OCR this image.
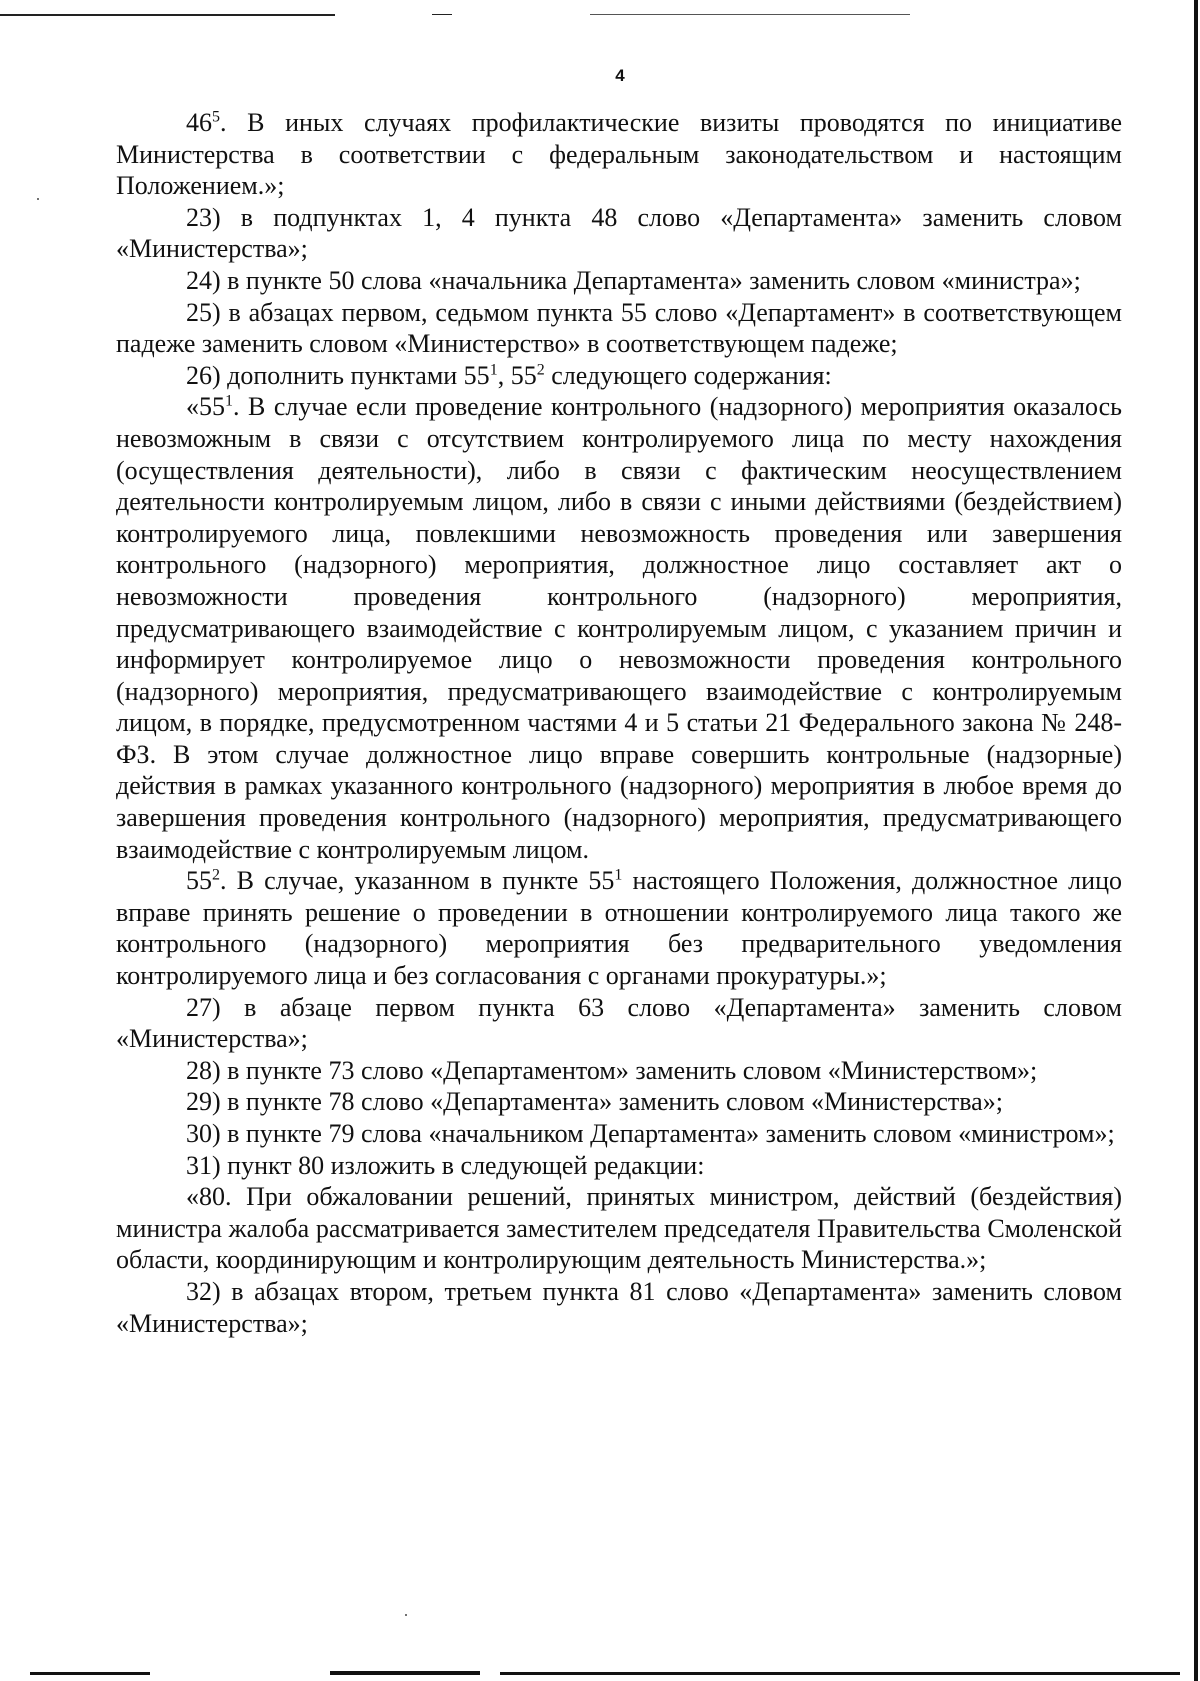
4

$46^5$. В иных случаях профилактические визиты проводятся по инициативе Министерства в соответствии с федеральным законодательством и настоящим Положением.»;

23) в подпунктах 1, 4 пункта 48 слово «Департамента» заменить словом «Министерства»;

24) в пункте 50 слова «начальника Департамента» заменить словом «министра»;

25) в абзацах первом, седьмом пункта 55 слово «Департамент» в соответствующем падеже заменить словом «Министерство» в соответствующем падеже;

26) дополнить пунктами $55^1$, $55^2$ следующего содержания:

«$55^1$. В случае если проведение контрольного (надзорного) мероприятия оказалось невозможным в связи с отсутствием контролируемого лица по месту нахождения (осуществления деятельности), либо в связи с фактическим неосуществлением деятельности контролируемым лицом, либо в связи с иными действиями (бездействием) контролируемого лица, повлекшими невозможность проведения или завершения контрольного (надзорного) мероприятия, должностное лицо составляет акт о невозможности проведения контрольного (надзорного) мероприятия, предусматривающего взаимодействие с контролируемым лицом, с указанием причин и информирует контролируемое лицо о невозможности проведения контрольного (надзорного) мероприятия, предусматривающего взаимодействие с контролируемым лицом, в порядке, предусмотренном частями 4 и 5 статьи 21 Федерального закона № 248-ФЗ. В этом случае должностное лицо вправе совершить контрольные (надзорные) действия в рамках указанного контрольного (надзорного) мероприятия в любое время до завершения проведения контрольного (надзорного) мероприятия, предусматривающего взаимодействие с контролируемым лицом.

$55^2$. В случае, указанном в пункте $55^1$ настоящего Положения, должностное лицо вправе принять решение о проведении в отношении контролируемого лица такого же контрольного (надзорного) мероприятия без предварительного уведомления контролируемого лица и без согласования с органами прокуратуры.»;

27) в абзаце первом пункта 63 слово «Департамента» заменить словом «Министерства»;

28) в пункте 73 слово «Департаментом» заменить словом «Министерством»;

29) в пункте 78 слово «Департамента» заменить словом «Министерства»;

30) в пункте 79 слова «начальником Департамента» заменить словом «министром»;

31) пункт 80 изложить в следующей редакции:

«80. При обжаловании решений, принятых министром, действий (бездействия) министра жалоба рассматривается заместителем председателя Правительства Смоленской области, координирующим и контролирующим деятельность Министерства.»;

32) в абзацах втором, третьем пункта 81 слово «Департамента» заменить словом «Министерства»;
